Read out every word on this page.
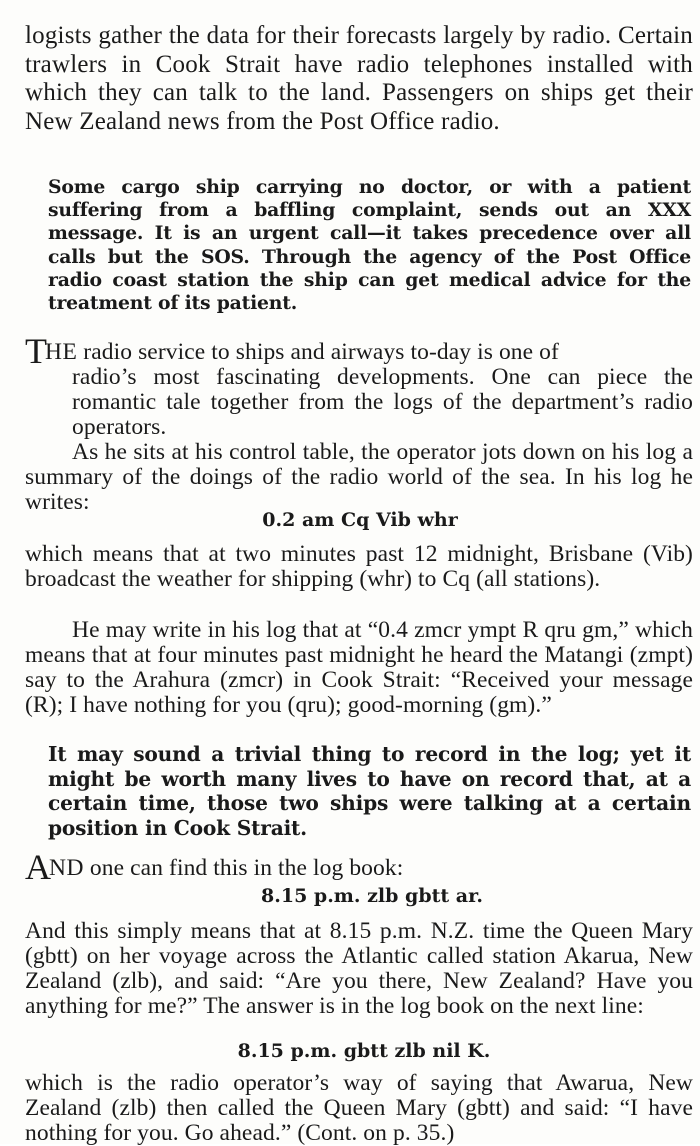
logists gather the data for their forecasts largely by radio. Certain trawlers in Cook Strait have radio telephones installed with which they can talk to the land. Passengers on ships get their New Zealand news from the Post Office radio.

Some cargo ship carrying no doctor, or with a patient suffering from a baffling complaint, sends out an XXX message. It is an urgent call—it takes precedence over all calls but the SOS. Through the agency of the Post Office radio coast station the ship can get medical advice for the treatment of its patient.

THE radio service to ships and airways to-day is one of
radio’s most fascinating developments. One can piece the romantic tale together from the logs of the department’s radio operators.

As he sits at his control table, the operator jots down on his log a summary of the doings of the radio world of the sea. In his log he writes:

0.2 am Cq Vib whr

which means that at two minutes past 12 midnight, Brisbane (Vib) broadcast the weather for shipping (whr) to Cq (all stations).

He may write in his log that at “0.4 zmcr ympt R qru gm,” which means that at four minutes past midnight he heard the Matangi (zmpt) say to the Arahura (zmcr) in Cook Strait: “Received your message (R); I have nothing for you (qru); good-morning (gm).”

It may sound a trivial thing to record in the log; yet it might be worth many lives to have on record that, at a certain time, those two ships were talking at a certain position in Cook Strait.

AND one can find this in the log book:

8.15 p.m. zlb gbtt ar.

And this simply means that at 8.15 p.m. N.Z. time the Queen Mary (gbtt) on her voyage across the Atlantic called station Akarua, New Zealand (zlb), and said: “Are you there, New Zealand? Have you anything for me?” The answer is in the log book on the next line:

8.15 p.m. gbtt zlb nil K.

which is the radio operator’s way of saying that Awarua, New Zealand (zlb) then called the Queen Mary (gbtt) and said: “I have nothing for you. Go ahead.” (Cont. on p. 35.)
